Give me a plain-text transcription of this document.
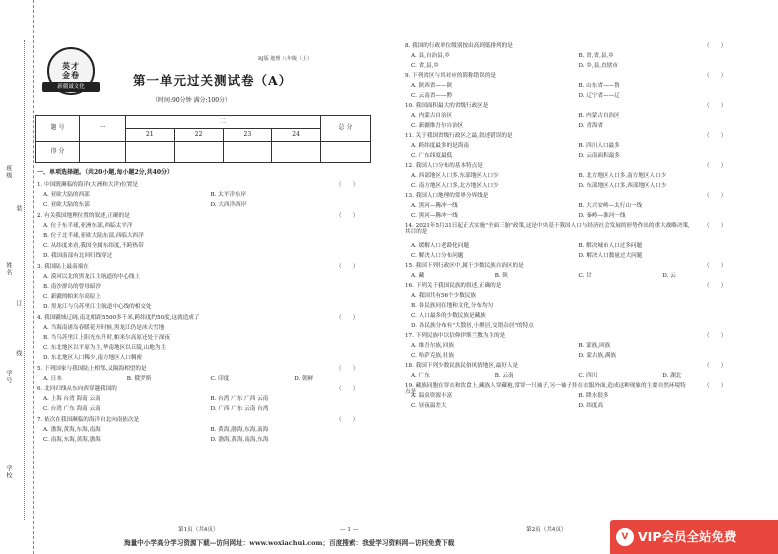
班级
装
姓名
订
线
学号
学校
英才
金卷
新疆诚文化
RJ版 地理 八年级（上）
第一单元过关测试卷（A）
（时间:90分钟 满分:100分）
题 号	一	二				总 分
		21	22	23	24	
得 分						
一、单项选择题。（共20小题,每小题2分,共40分）
1. 中国既濒临的海洋(大洲和大洋)位置是	（　　）
A. 亚欧大陆的西部	B. 太平洋东岸
C. 亚欧大陆的东部	D. 大西洋西岸
2. 有关我国地理位置的叙述,正确的是	（　　）
A. 位于东半球,亚洲东部,西临太平洋
B. 位于北半球,亚欧大陆东部,西临大西洋
C. 从纬度来看,我国全属东纬度,不跨热带
D. 我国南部有北回归线穿过
3. 我国陆上最南端在	（　　）
A. 漠河以北的黑龙江主航道的中心线上
B. 南沙群岛的曾母暗沙
C. 新疆的帕米尔高原上
D. 黑龙江与乌苏里江主航道中心线的相交处
4. 我国疆域辽阔,南北相距5500多千米,跨纬度约50度,这就造成了	（　　）
A. 当海南诸岛春暖花开时候,黑龙江仍是冰天雪地
B. 当乌苏里江上阳光东升时,帕米尔高原还处于深夜
C. 东北地区以平原为主,华南地区以丘陵,山地为主
D. 东北地区人口稀少,南方地区人口稠密
5. 下列国家与我国陆上相邻,又隔海相望的是	（　　）
A. 日本	B. 俄罗斯	C. 印度	D. 朝鲜
6. 北回归线从东向西穿越我国的	（　　）
A. 上海 台湾 海南 云南	B. 台湾 广东 广西 云南
C. 台湾 广东 海南 云南	D. 广西 广东 云南 台湾
7. 依次在我国濒临的海洋自北向南依次是	（　　）
A. 渤海,黄海,东海,南海	B. 黄海,渤海,东海,南海
C. 南海,东海,黄海,渤海	D. 渤海,黄海,南海,东海
8. 我国的行政单位级别按由高到低排列的是	（　　）
A. 县,自治县,乡	B. 省,省,县,乡
C. 省,县,乡	D. 乡,县,直辖市
9. 下列省区与其对应的简称错误的是	（　　）
A. 陕西省——陕	B. 山东省——鲁
C. 云南省——黔	D. 辽宁省——辽
10. 我国面积最大的省级行政区是	（　　）
A. 内蒙古自治区	B. 内蒙古自治区
C. 新疆维吾尔自治区	D. 青海省
11. 关于我国省级行政区之最,叙述错误的是	（　　）
A. 跨纬度最多的是海南	B. 四川人口最多
C. 广东纬度最低	D. 云南面积最多
12. 我国人口分布的基本特点是	（　　）
A. 西部地区人口多,东部地区人口少	B. 北方地区人口多,南方地区人口少
C. 南方地区人口多,北方地区人口少	D. 东部地区人口多,西部地区人口少
13. 我国人口地理的常界分界线是	（　　）
A. 黑河—腾冲一线	B. 大兴安岭—太行山一线
C. 黑河—腾冲一线	D. 秦岭—淮河一线
14. 2021年5月31日起正式实施"全面三胎"政策,这是中央基于我国人口与经济社会发展的形势作出的重大战略决策,其目的是
（　　）
A. 缓解人口老龄化问题	B. 解决城市人口过多问题
C. 解决人口分布问题	D. 解决人口数量过大问题
15. 我国下列行政区中,属于少数民族自治区的是	（　　）
A. 藏	B. 陕	C. 甘	D. 云
16. 下列关于我国民族的叙述,正确的是	（　　）
A. 我国共有56个少数民族
B. 各民族同在地和文化,分布均匀
C. 人口最多的少数民族是藏族
D. 各民族分布有"大散居,小聚居,交错杂居"的特点
17. 下列民族中以信仰伊斯兰教为主的是	（　　）
A. 维吾尔族,回族	B. 蒙族,回族
C. 哈萨克族,壮族	D. 蒙古族,满族
18. 我国下列少数民族民俗风情地区,最好人是	（　　）
A. 广东	B. 云南	C. 四川	D. 湖北
19. 藏族同胞在穿衣和饮食上,藏族人穿藏袍,常穿一只袖子,另一袖子挂在衣服外面,造成这种现象的主要自然环境特点是
（　　）
A. 温泉资源丰富	B. 降水很多
C. 昼夜温差大	D. 纬度高
第1页（共4页）	— 1 —	第2页（共4页）
海量中小学高分学习资源下载—访问网址：www.woxiachui.com；百度搜索：我爱学习资料网—访问免费下载
V VIP会员全站免费
